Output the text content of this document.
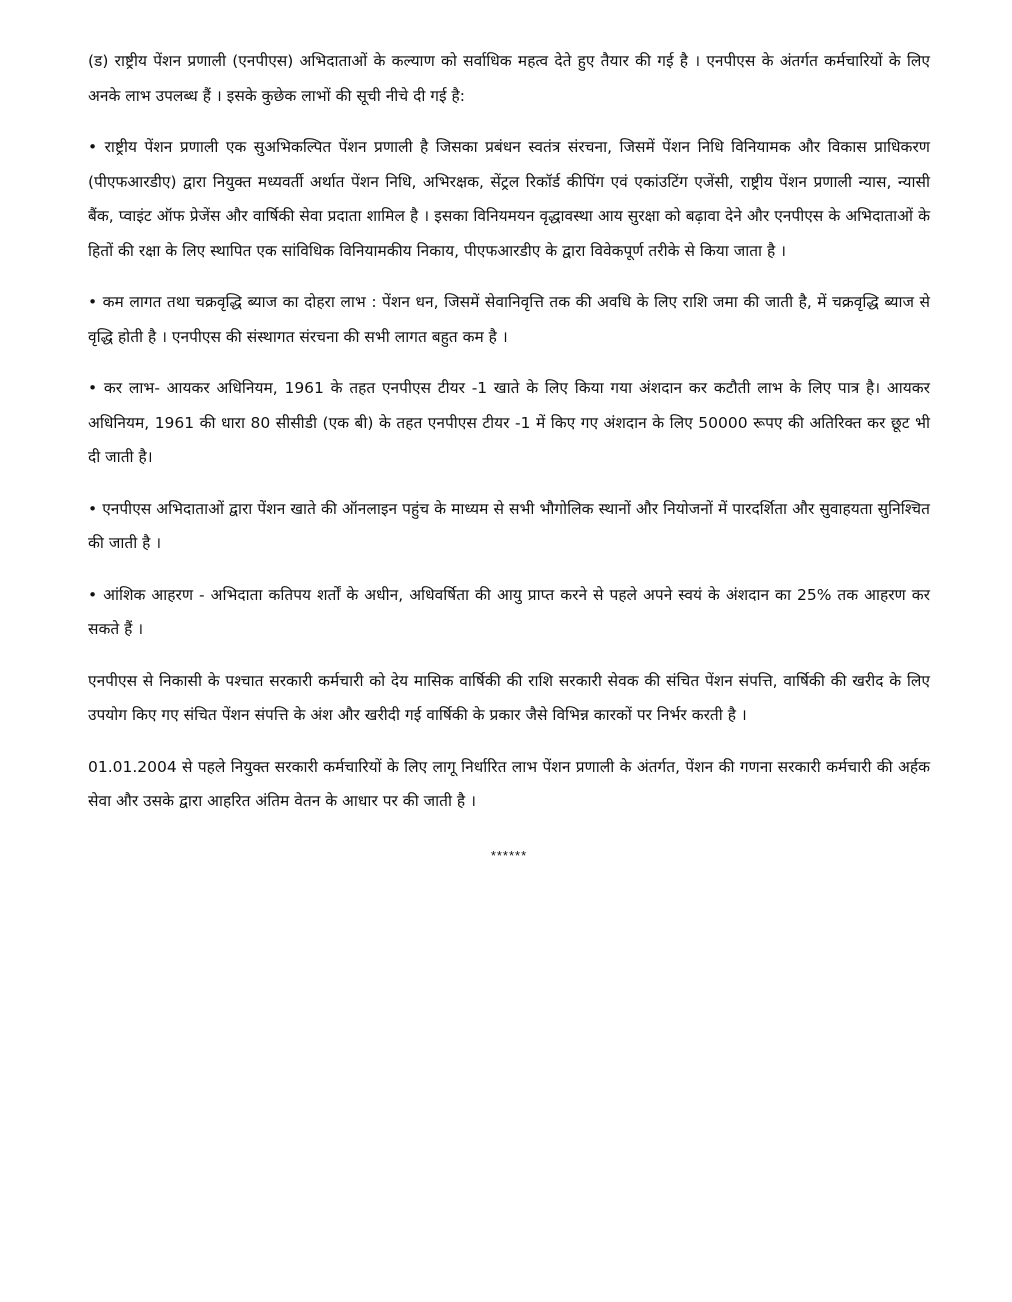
(ड) राष्ट्रीय पेंशन प्रणाली (एनपीएस) अभिदाताओं के कल्याण को सर्वाधिक महत्व देते हुए तैयार की गई है । एनपीएस के अंतर्गत कर्मचारियों के लिए अनके लाभ उपलब्ध हैं । इसके कुछेक लाभों की सूची नीचे दी गई है:

• राष्ट्रीय पेंशन प्रणाली एक सुअभिकल्पित पेंशन प्रणाली है जिसका प्रबंधन स्वतंत्र संरचना, जिसमें पेंशन निधि विनियामक और विकास प्राधिकरण (पीएफआरडीए) द्वारा नियुक्त मध्यवर्ती अर्थात पेंशन निधि, अभिरक्षक, सेंट्रल रिकॉर्ड कीपिंग एवं एकांउटिंग एजेंसी, राष्ट्रीय पेंशन प्रणाली न्यास, न्यासी बैंक, प्वाइंट ऑफ प्रेजेंस और वार्षिकी सेवा प्रदाता शामिल है । इसका विनियमयन वृद्धावस्था आय सुरक्षा को बढ़ावा देने और एनपीएस के अभिदाताओं के हितों की रक्षा के लिए स्थापित एक सांविधिक विनियामकीय निकाय, पीएफआरडीए के द्वारा विवेकपूर्ण तरीके से किया जाता है ।

• कम लागत तथा चक्रवृद्धि ब्याज का दोहरा लाभ : पेंशन धन, जिसमें सेवानिवृत्ति तक की अवधि के लिए राशि जमा की जाती है, में चक्रवृद्धि ब्याज से वृद्धि होती है । एनपीएस की संस्थागत संरचना की सभी लागत बहुत कम है ।

• कर लाभ- आयकर अधिनियम, 1961 के तहत एनपीएस टीयर -1 खाते के लिए किया गया अंशदान कर कटौती लाभ के लिए पात्र है। आयकर अधिनियम, 1961 की धारा 80 सीसीडी (एक बी) के तहत एनपीएस टीयर -1 में किए गए अंशदान के लिए 50000 रूपए की अतिरिक्त कर छूट भी दी जाती है।

• एनपीएस अभिदाताओं द्वारा पेंशन खाते की ऑनलाइन पहुंच के माध्यम से सभी भौगोलिक स्थानों और नियोजनों में पारदर्शिता और सुवाहयता सुनिश्चित की जाती है ।

• आंशिक आहरण - अभिदाता कतिपय शर्तों के अधीन, अधिवर्षिता की आयु प्राप्त करने से पहले अपने स्वयं के अंशदान का 25% तक आहरण कर सकते हैं ।

एनपीएस से निकासी के पश्चात सरकारी कर्मचारी को देय मासिक वार्षिकी की राशि सरकारी सेवक की संचित पेंशन संपत्ति, वार्षिकी की खरीद के लिए उपयोग किए गए संचित पेंशन संपत्ति के अंश और खरीदी गई वार्षिकी के प्रकार जैसे विभिन्न कारकों पर निर्भर करती है ।

01.01.2004 से पहले नियुक्त सरकारी कर्मचारियों के लिए लागू निर्धारित लाभ पेंशन प्रणाली के अंतर्गत, पेंशन की गणना सरकारी कर्मचारी की अर्हक सेवा और उसके द्वारा आहरित अंतिम वेतन के आधार पर की जाती है ।

******
